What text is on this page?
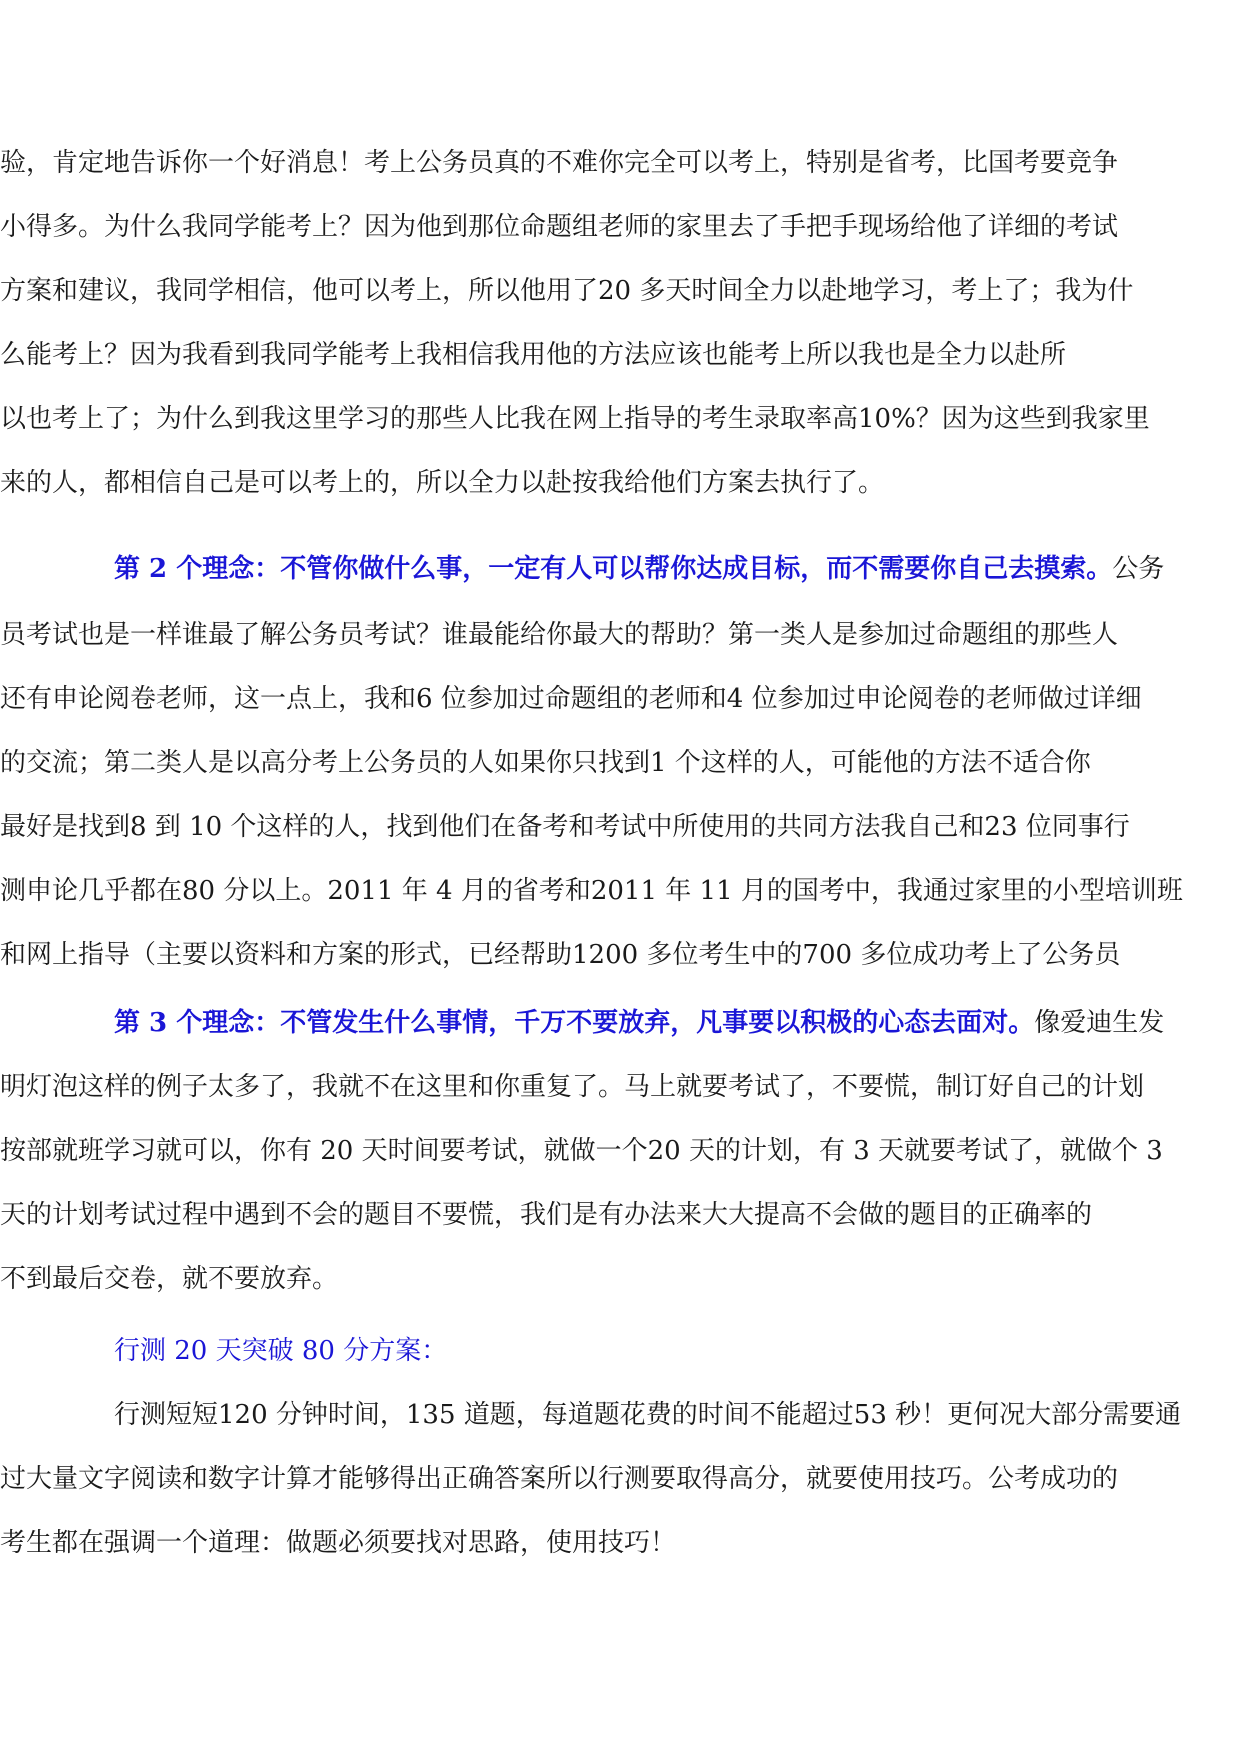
验，肯定地告诉你一个好消息！考上公务员真的不难你完全可以考上，特别是省考，比国考要竞争
小得多。为什么我同学能考上？因为他到那位命题组老师的家里去了手把手现场给他了详细的考试
方案和建议，我同学相信，他可以考上，所以他用了20 多天时间全力以赴地学习，考上了；我为什
么能考上？因为我看到我同学能考上我相信我用他的方法应该也能考上所以我也是全力以赴所
以也考上了；为什么到我这里学习的那些人比我在网上指导的考生录取率高10%？因为这些到我家里
来的人，都相信自己是可以考上的，所以全力以赴按我给他们方案去执行了。
第 2 个理念：不管你做什么事，一定有人可以帮你达成目标，而不需要你自己去摸索。公务
员考试也是一样谁最了解公务员考试？谁最能给你最大的帮助？第一类人是参加过命题组的那些人
还有申论阅卷老师，这一点上，我和6 位参加过命题组的老师和4 位参加过申论阅卷的老师做过详细
的交流；第二类人是以高分考上公务员的人如果你只找到1 个这样的人，可能他的方法不适合你
最好是找到8 到 10 个这样的人，找到他们在备考和考试中所使用的共同方法我自己和23 位同事行
测申论几乎都在80 分以上。2011 年 4 月的省考和2011 年 11 月的国考中，我通过家里的小型培训班
和网上指导（主要以资料和方案的形式，已经帮助1200 多位考生中的700 多位成功考上了公务员
第 3 个理念：不管发生什么事情，千万不要放弃，凡事要以积极的心态去面对。像爱迪生发
明灯泡这样的例子太多了，我就不在这里和你重复了。马上就要考试了，不要慌，制订好自己的计划
按部就班学习就可以，你有 20 天时间要考试，就做一个20 天的计划，有 3 天就要考试了，就做个 3
天的计划考试过程中遇到不会的题目不要慌，我们是有办法来大大提高不会做的题目的正确率的
不到最后交卷，就不要放弃。
行测 20 天突破 80 分方案：
行测短短120 分钟时间，135 道题，每道题花费的时间不能超过53 秒！更何况大部分需要通
过大量文字阅读和数字计算才能够得出正确答案所以行测要取得高分，就要使用技巧。公考成功的
考生都在强调一个道理：做题必须要找对思路，使用技巧！
